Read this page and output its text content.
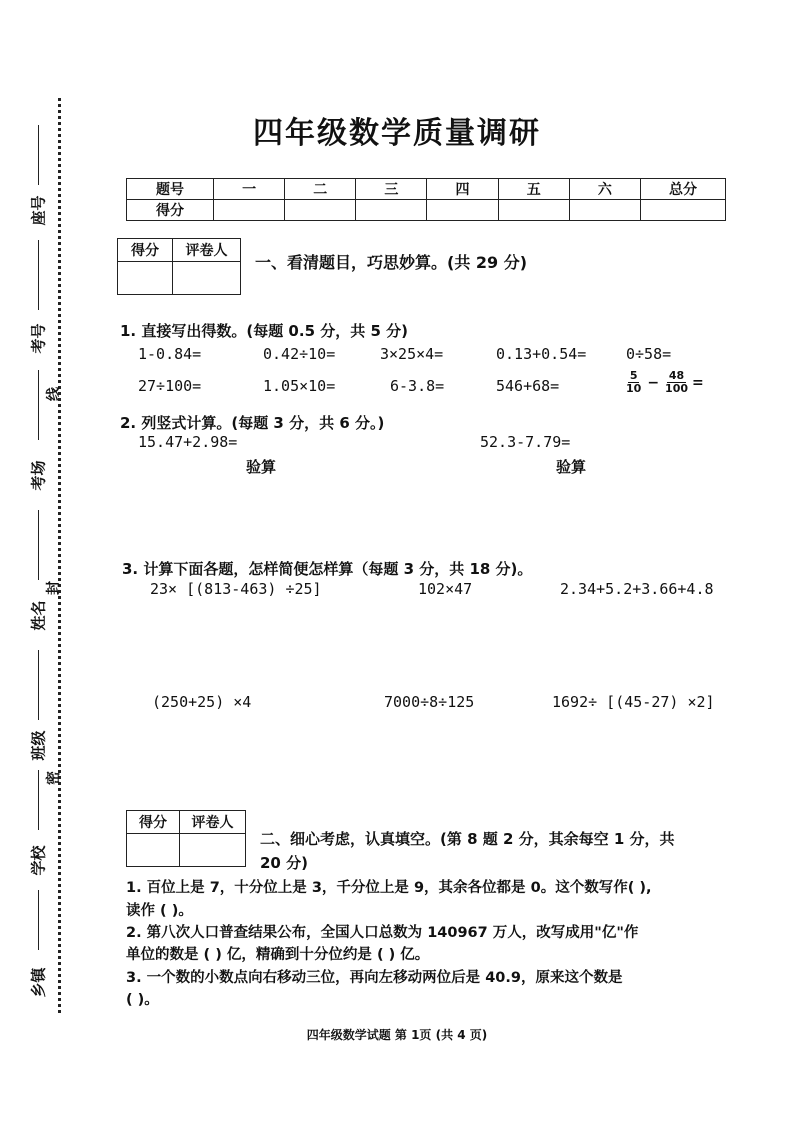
座号
考号
考场
姓名
班级
学校
乡镇
线
封
密
四年级数学质量调研
题号	一	二	三	四	五	六	总分
得分							
得分	评卷人

一、看清题目，巧思妙算。(共 29 分)
1. 直接写出得数。(每题 0.5 分，共 5 分)
1-0.84=	0.42÷10=	3×25×4=	0.13+0.54=	0÷58=
27÷100=	1.05×10=	6-3.8=	546+68=	$\frac{5}{10} - \frac{48}{100}$ =
2. 列竖式计算。(每题 3 分，共 6 分。)
15.47+2.98=
验算
52.3-7.79=
验算
3. 计算下面各题，怎样简便怎样算（每题 3 分，共 18 分)。
23× [(813-463) ÷25]	102×47	2.34+5.2+3.66+4.8
(250+25) ×4	7000÷8÷125	1692÷ [(45-27) ×2]
得分	评卷人

二、细心考虑，认真填空。(第 8 题 2 分，其余每空 1 分，共
20 分)
1. 百位上是 7，十分位上是 3，千分位上是 9，其余各位都是 0。这个数写作( ),
读作 ( )。
2. 第八次人口普查结果公布，全国人口总数为 140967 万人，改写成用"亿"作
单位的数是 ( ) 亿，精确到十分位约是 ( ) 亿。
3. 一个数的小数点向右移动三位，再向左移动两位后是 40.9，原来这个数是
( )。
四年级数学试题 第 1页 (共 4 页)
